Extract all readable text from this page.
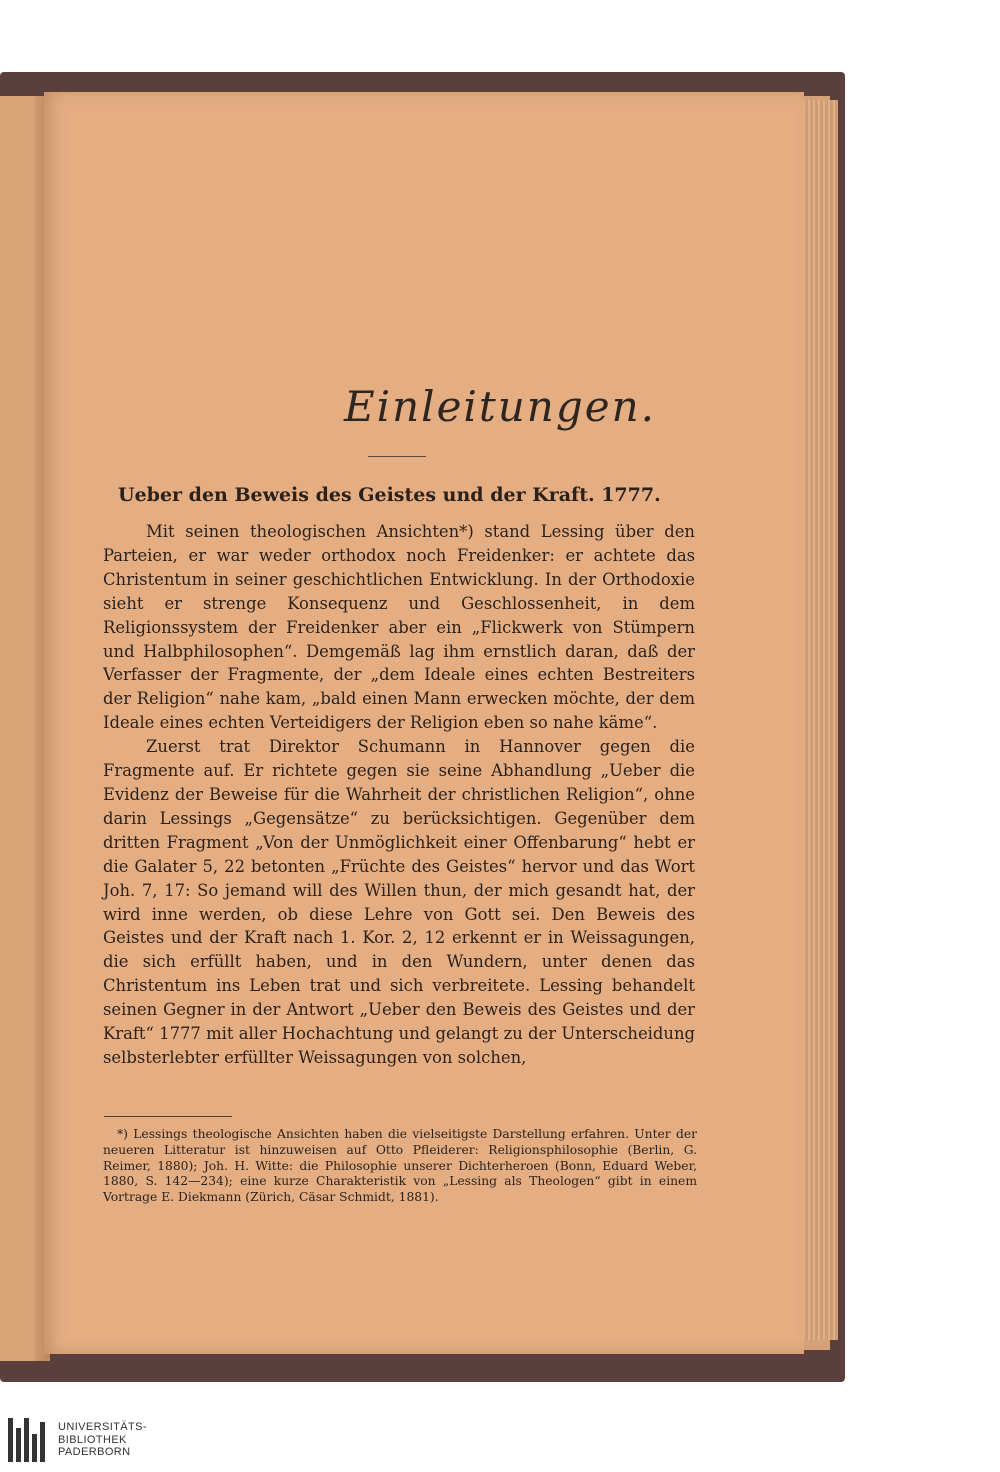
Einleitungen.
Ueber den Beweis des Geistes und der Kraft. 1777.

Mit seinen theologischen Ansichten*) stand Lessing über den Parteien, er war weder orthodox noch Freidenker: er achtete das Christentum in seiner geschichtlichen Entwicklung. In der Orthodoxie sieht er strenge Konsequenz und Geschlossenheit, in dem Religionssystem der Freidenker aber ein „Flickwerk von Stümpern und Halbphilosophen“. Demgemäß lag ihm ernstlich daran, daß der Verfasser der Fragmente, der „dem Ideale eines echten Bestreiters der Religion“ nahe kam, „bald einen Mann erwecken möchte, der dem Ideale eines echten Verteidigers der Religion eben so nahe käme“.

Zuerst trat Direktor Schumann in Hannover gegen die Fragmente auf. Er richtete gegen sie seine Abhandlung „Ueber die Evidenz der Beweise für die Wahrheit der christlichen Religion“, ohne darin Lessings „Gegensätze“ zu berücksichtigen. Gegenüber dem dritten Fragment „Von der Unmöglichkeit einer Offenbarung“ hebt er die Galater 5, 22 betonten „Früchte des Geistes“ hervor und das Wort Joh. 7, 17: So jemand will des Willen thun, der mich gesandt hat, der wird inne werden, ob diese Lehre von Gott sei. Den Beweis des Geistes und der Kraft nach 1. Kor. 2, 12 erkennt er in Weissagungen, die sich erfüllt haben, und in den Wundern, unter denen das Christentum ins Leben trat und sich verbreitete. Lessing behandelt seinen Gegner in der Antwort „Ueber den Beweis des Geistes und der Kraft“ 1777 mit aller Hochachtung und gelangt zu der Unterscheidung selbsterlebter erfüllter Weissagungen von solchen,

*) Lessings theologische Ansichten haben die vielseitigste Darstellung erfahren. Unter der neueren Litteratur ist hinzuweisen auf Otto Pfleiderer: Religionsphilosophie (Berlin, G. Reimer, 1880); Joh. H. Witte: die Philosophie unserer Dichterheroen (Bonn, Eduard Weber, 1880, S. 142—234); eine kurze Charakteristik von „Lessing als Theologen“ gibt in einem Vortrage E. Diekmann (Zürich, Cäsar Schmidt, 1881).

UNIVERSITÄTS-
BIBLIOTHEK
PADERBORN
